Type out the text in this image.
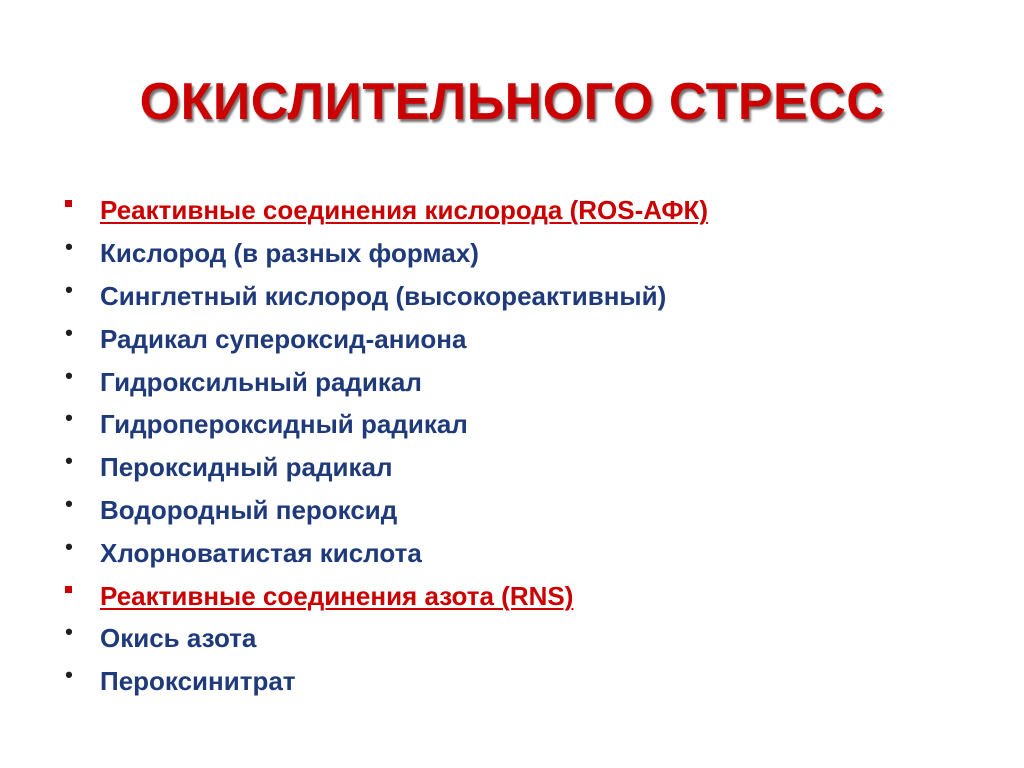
ОКИСЛИТЕЛЬНОГО СТРЕСС
Реактивные соединения кислорода (ROS-АФК)
• Кислород (в разных формах)
• Синглетный кислород (высокореактивный)
• Радикал супероксид-аниона
• Гидроксильный радикал
• Гидропероксидный радикал
• Пероксидный радикал
• Водородный пероксид
• Хлорноватистая кислота
Реактивные соединения азота (RNS)
• Окись азота
• Пероксинитрат
